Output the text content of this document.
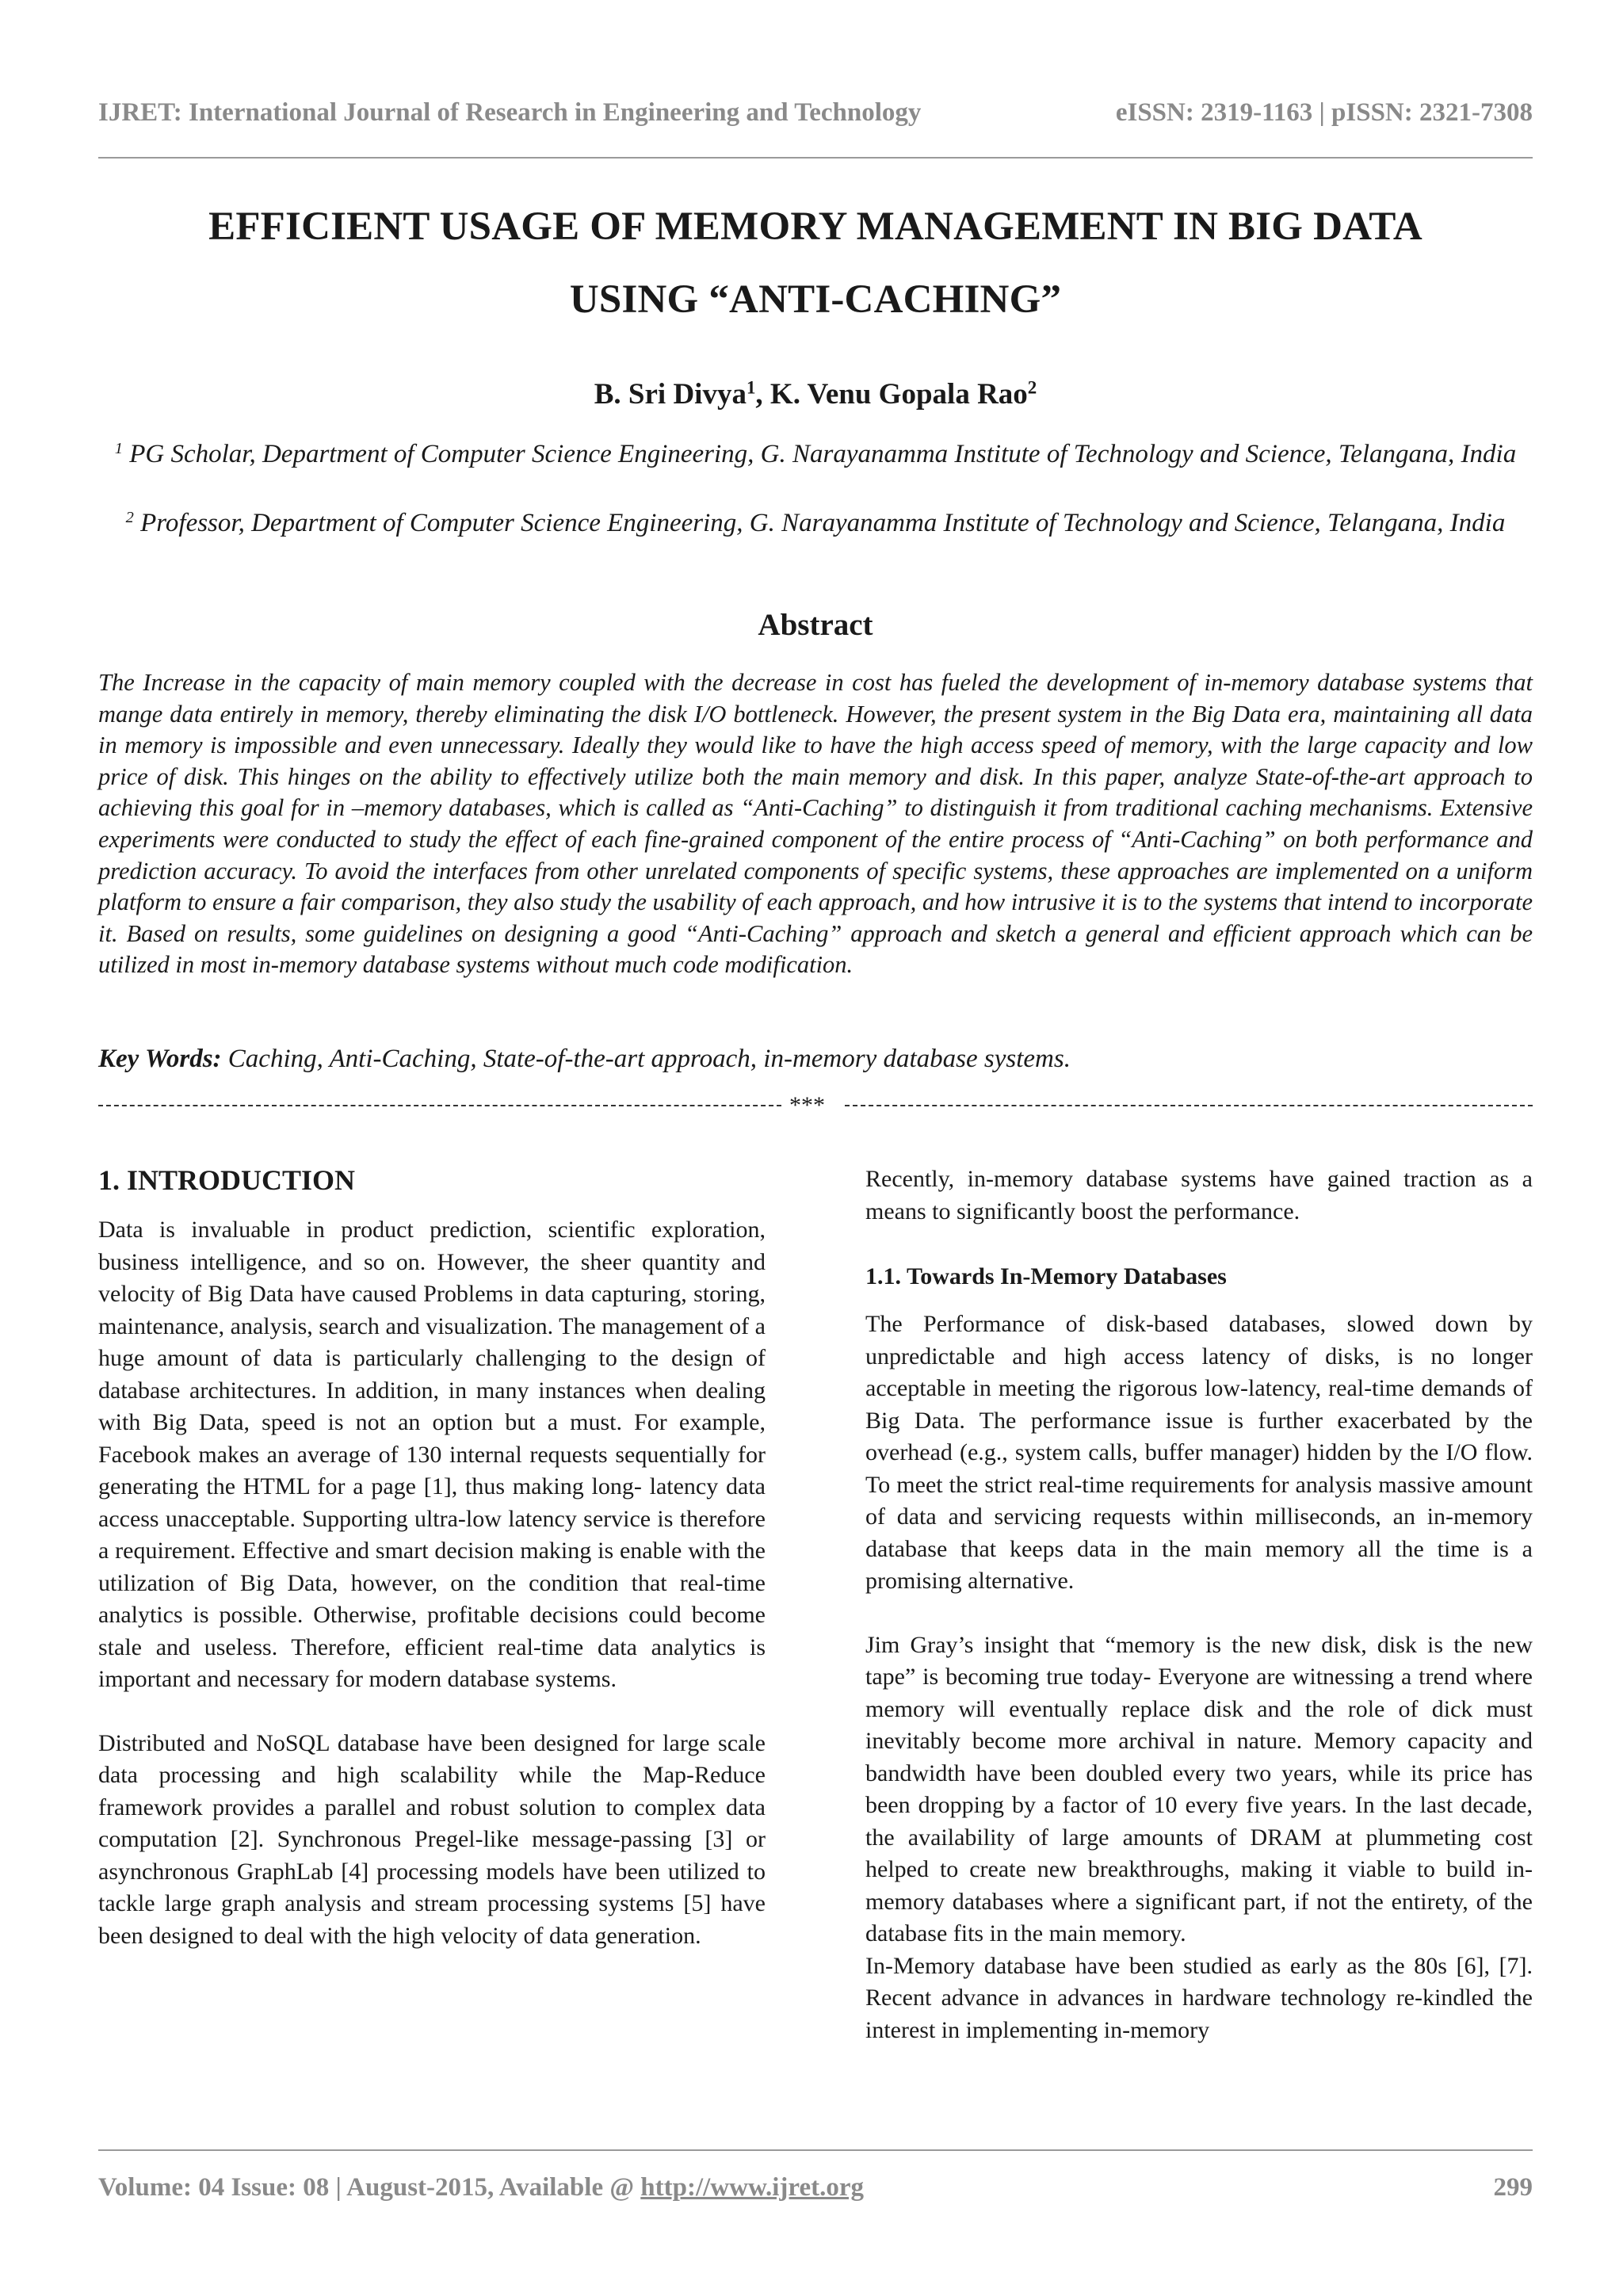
IJRET: International Journal of Research in Engineering and Technology	eISSN: 2319-1163 | pISSN: 2321-7308
EFFICIENT USAGE OF MEMORY MANAGEMENT IN BIG DATA
USING “ANTI-CACHING”
B. Sri Divya$^1$, K. Venu Gopala Rao$^2$
$^1$ PG Scholar, Department of Computer Science Engineering, G. Narayanamma Institute of Technology and Science, Telangana, India
$^2$ Professor, Department of Computer Science Engineering, G. Narayanamma Institute of Technology and Science, Telangana, India
Abstract

The Increase in the capacity of main memory coupled with the decrease in cost has fueled the development of in-memory database systems that mange data entirely in memory, thereby eliminating the disk I/O bottleneck. However, the present system in the Big Data era, maintaining all data in memory is impossible and even unnecessary. Ideally they would like to have the high access speed of memory, with the large capacity and low price of disk. This hinges on the ability to effectively utilize both the main memory and disk. In this paper, analyze State-of-the-art approach to achieving this goal for in –memory databases, which is called as “Anti-Caching” to distinguish it from traditional caching mechanisms. Extensive experiments were conducted to study the effect of each fine-grained component of the entire process of “Anti-Caching” on both performance and prediction accuracy. To avoid the interfaces from other unrelated components of specific systems, these approaches are implemented on a uniform platform to ensure a fair comparison, they also study the usability of each approach, and how intrusive it is to the systems that intend to incorporate it. Based on results, some guidelines on designing a good “Anti-Caching” approach and sketch a general and efficient approach which can be utilized in most in-memory database systems without much code modification.

Key Words: Caching, Anti-Caching, State-of-the-art approach, in-memory database systems.
***
1. INTRODUCTION

Data is invaluable in product prediction, scientific exploration, business intelligence, and so on. However, the sheer quantity and velocity of Big Data have caused Problems in data capturing, storing, maintenance, analysis, search and visualization. The management of a huge amount of data is particularly challenging to the design of database architectures. In addition, in many instances when dealing with Big Data, speed is not an option but a must. For example, Facebook makes an average of 130 internal requests sequentially for generating the HTML for a page [1], thus making long- latency data access unacceptable. Supporting ultra-low latency service is therefore a requirement. Effective and smart decision making is enable with the utilization of Big Data, however, on the condition that real-time analytics is possible. Otherwise, profitable decisions could become stale and useless. Therefore, efficient real-time data analytics is important and necessary for modern database systems.

Distributed and NoSQL database have been designed for large scale data processing and high scalability while the Map-Reduce framework provides a parallel and robust solution to complex data computation [2]. Synchronous Pregel-like message-passing [3] or asynchronous GraphLab [4] processing models have been utilized to tackle large graph analysis and stream processing systems [5] have been designed to deal with the high velocity of data generation.

Recently, in-memory database systems have gained traction as a means to significantly boost the performance.

1.1. Towards In-Memory Databases

The Performance of disk-based databases, slowed down by unpredictable and high access latency of disks, is no longer acceptable in meeting the rigorous low-latency, real-time demands of Big Data. The performance issue is further exacerbated by the overhead (e.g., system calls, buffer manager) hidden by the I/O flow. To meet the strict real-time requirements for analysis massive amount of data and servicing requests within milliseconds, an in-memory database that keeps data in the main memory all the time is a promising alternative.

Jim Gray’s insight that “memory is the new disk, disk is the new tape” is becoming true today- Everyone are witnessing a trend where memory will eventually replace disk and the role of dick must inevitably become more archival in nature. Memory capacity and bandwidth have been doubled every two years, while its price has been dropping by a factor of 10 every five years. In the last decade, the availability of large amounts of DRAM at plummeting cost helped to create new breakthroughs, making it viable to build in-memory databases where a significant part, if not the entirety, of the database fits in the main memory.

In-Memory database have been studied as early as the 80s [6], [7]. Recent advance in advances in hardware technology re-kindled the interest in implementing in-memory

Volume: 04 Issue: 08 | August-2015, Available @ http://www.ijret.org	299
